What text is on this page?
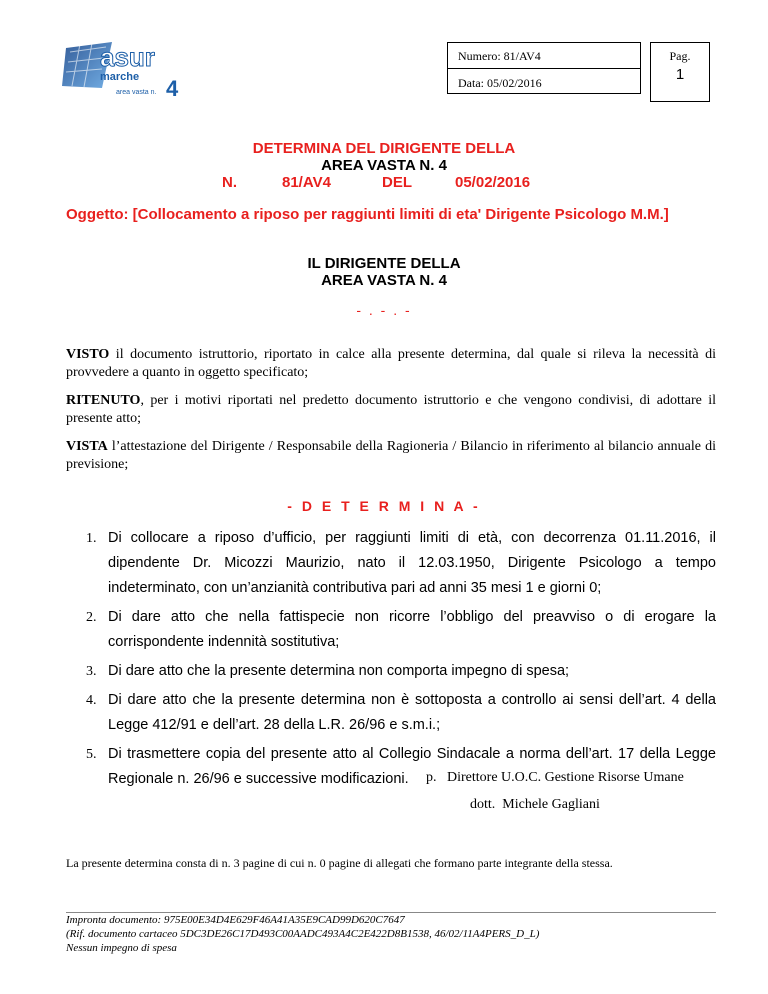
asur
marche
area vasta n. 4
Numero: 81/AV4
Data: 05/02/2016
Pag.
1
DETERMINA DEL DIRIGENTE DELLA
AREA VASTA N. 4
N.	81/AV4	DEL	05/02/2016
Oggetto: [Collocamento a riposo per raggiunti limiti di eta' Dirigente Psicologo M.M.]
IL DIRIGENTE DELLA
AREA VASTA N. 4
- . - . -
VISTO il documento istruttorio, riportato in calce alla presente determina, dal quale si rileva la necessità di provvedere a quanto in oggetto specificato;
RITENUTO, per i motivi riportati nel predetto documento istruttorio e che vengono condivisi, di adottare il presente atto;
VISTA l’attestazione del Dirigente / Responsabile della Ragioneria / Bilancio in riferimento al bilancio annuale di previsione;
- D E T E R M I N A -
1. Di collocare a riposo d’ufficio, per raggiunti limiti di età, con decorrenza 01.11.2016, il dipendente Dr. Micozzi Maurizio, nato il 12.03.1950, Dirigente Psicologo a tempo indeterminato, con un’anzianità contributiva pari ad anni 35 mesi 1 e giorni 0;
2. Di dare atto che nella fattispecie non ricorre l’obbligo del preavviso o di erogare la corrispondente indennità sostitutiva;
3. Di dare atto che la presente determina non comporta impegno di spesa;
4. Di dare atto che la presente determina non è sottoposta a controllo ai sensi dell’art. 4 della Legge 412/91 e dell’art. 28 della L.R. 26/96 e s.m.i.;
5. Di trasmettere copia del presente atto al Collegio Sindacale a norma dell’art. 17 della Legge Regionale n. 26/96 e successive modificazioni.	p.   Direttore U.O.C. Gestione Risorse Umane
dott.  Michele Gagliani
La presente determina consta di n. 3 pagine di cui n. 0 pagine di allegati che formano parte integrante della stessa.
Impronta documento: 975E00E34D4E629F46A41A35E9CAD99D620C7647
(Rif. documento cartaceo 5DC3DE26C17D493C00AADC493A4C2E422D8B1538, 46/02/11A4PERS_D_L)
Nessun impegno di spesa
